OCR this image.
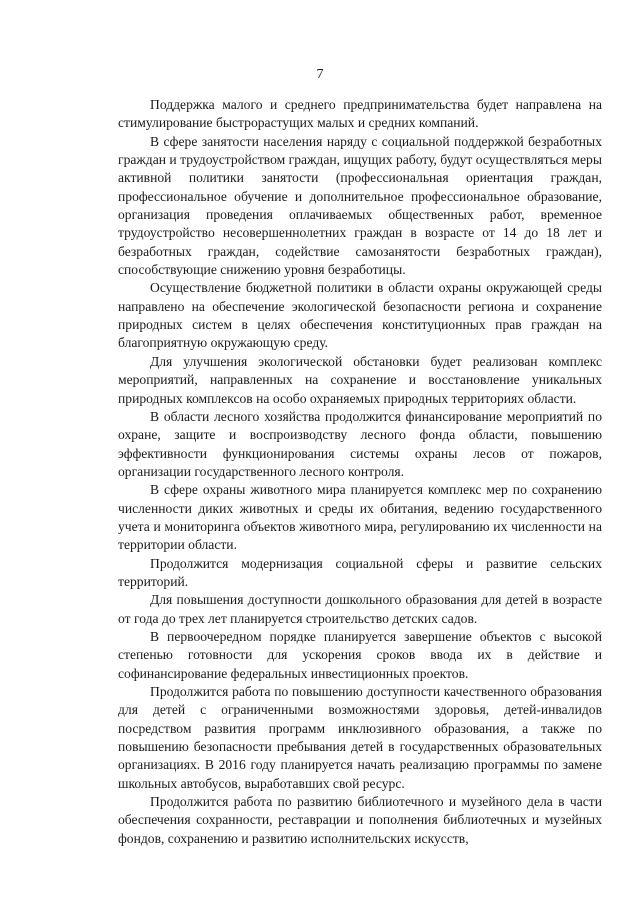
7

Поддержка малого и среднего предпринимательства будет направлена на стимулирование быстрорастущих малых и средних компаний.

В сфере занятости населения наряду с социальной поддержкой безработных граждан и трудоустройством граждан, ищущих работу, будут осуществляться меры активной политики занятости (профессиональная ориентация граждан, профессиональное обучение и дополнительное профессиональное образование, организация проведения оплачиваемых общественных работ, временное трудоустройство несовершеннолетних граждан в возрасте от 14 до 18 лет и безработных граждан, содействие самозанятости безработных граждан), способствующие снижению уровня безработицы.

Осуществление бюджетной политики в области охраны окружающей среды направлено на обеспечение экологической безопасности региона и сохранение природных систем в целях обеспечения конституционных прав граждан на благоприятную окружающую среду.

Для улучшения экологической обстановки будет реализован комплекс мероприятий, направленных на сохранение и восстановление уникальных природных комплексов на особо охраняемых природных территориях области.

В области лесного хозяйства продолжится финансирование мероприятий по охране, защите и воспроизводству лесного фонда области, повышению эффективности функционирования системы охраны лесов от пожаров, организации государственного лесного контроля.

В сфере охраны животного мира планируется комплекс мер по сохранению численности диких животных и среды их обитания, ведению государственного учета и мониторинга объектов животного мира, регулированию их численности на территории области.

Продолжится модернизация социальной сферы и развитие сельских территорий.

Для повышения доступности дошкольного образования для детей в возрасте от года до трех лет планируется строительство детских садов.

В первоочередном порядке планируется завершение объектов с высокой степенью готовности для ускорения сроков ввода их в действие и софинансирование федеральных инвестиционных проектов.

Продолжится работа по повышению доступности качественного образования для детей с ограниченными возможностями здоровья, детей-инвалидов посредством развития программ инклюзивного образования, а также по повышению безопасности пребывания детей в государственных образовательных организациях. В 2016 году планируется начать реализацию программы по замене школьных автобусов, выработавших свой ресурс.

Продолжится работа по развитию библиотечного и музейного дела в части обеспечения сохранности, реставрации и пополнения библиотечных и музейных фондов, сохранению и развитию исполнительских искусств,
